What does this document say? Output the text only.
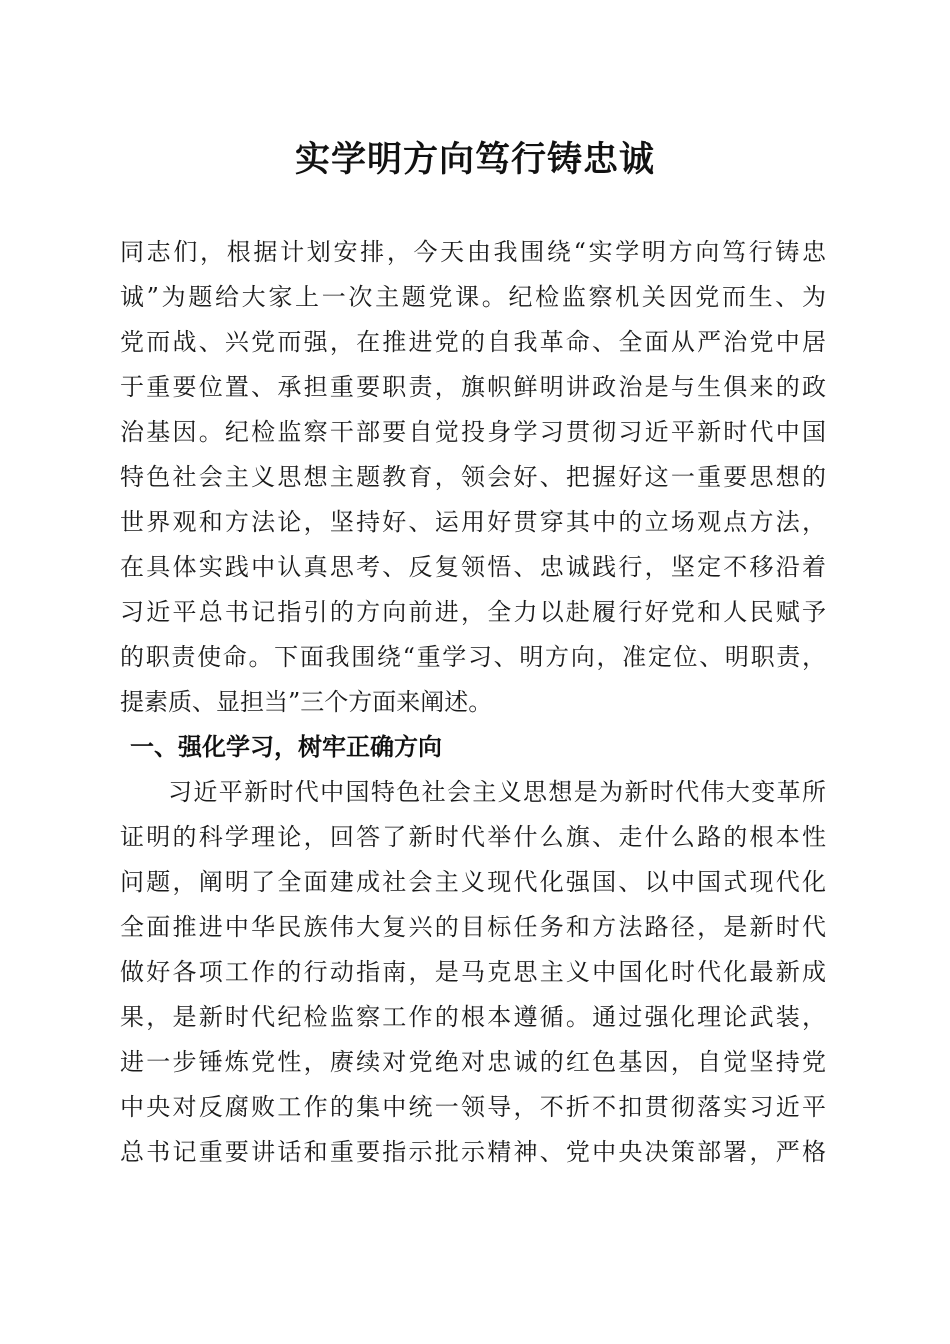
实学明方向笃行铸忠诚
同志们，根据计划安排，今天由我围绕“实学明方向笃行铸忠
诚”为题给大家上一次主题党课。纪检监察机关因党而生、为
党而战、兴党而强，在推进党的自我革命、全面从严治党中居
于重要位置、承担重要职责，旗帜鲜明讲政治是与生俱来的政
治基因。纪检监察干部要自觉投身学习贯彻习近平新时代中国
特色社会主义思想主题教育，领会好、把握好这一重要思想的
世界观和方法论，坚持好、运用好贯穿其中的立场观点方法，
在具体实践中认真思考、反复领悟、忠诚践行，坚定不移沿着
习近平总书记指引的方向前进，全力以赴履行好党和人民赋予
的职责使命。下面我围绕“重学习、明方向，准定位、明职责，
提素质、显担当”三个方面来阐述。
一、强化学习，树牢正确方向
习近平新时代中国特色社会主义思想是为新时代伟大变革所
证明的科学理论，回答了新时代举什么旗、走什么路的根本性
问题，阐明了全面建成社会主义现代化强国、以中国式现代化
全面推进中华民族伟大复兴的目标任务和方法路径，是新时代
做好各项工作的行动指南，是马克思主义中国化时代化最新成
果，是新时代纪检监察工作的根本遵循。通过强化理论武装，
进一步锤炼党性，赓续对党绝对忠诚的红色基因，自觉坚持党
中央对反腐败工作的集中统一领导，不折不扣贯彻落实习近平
总书记重要讲话和重要指示批示精神、党中央决策部署，严格
